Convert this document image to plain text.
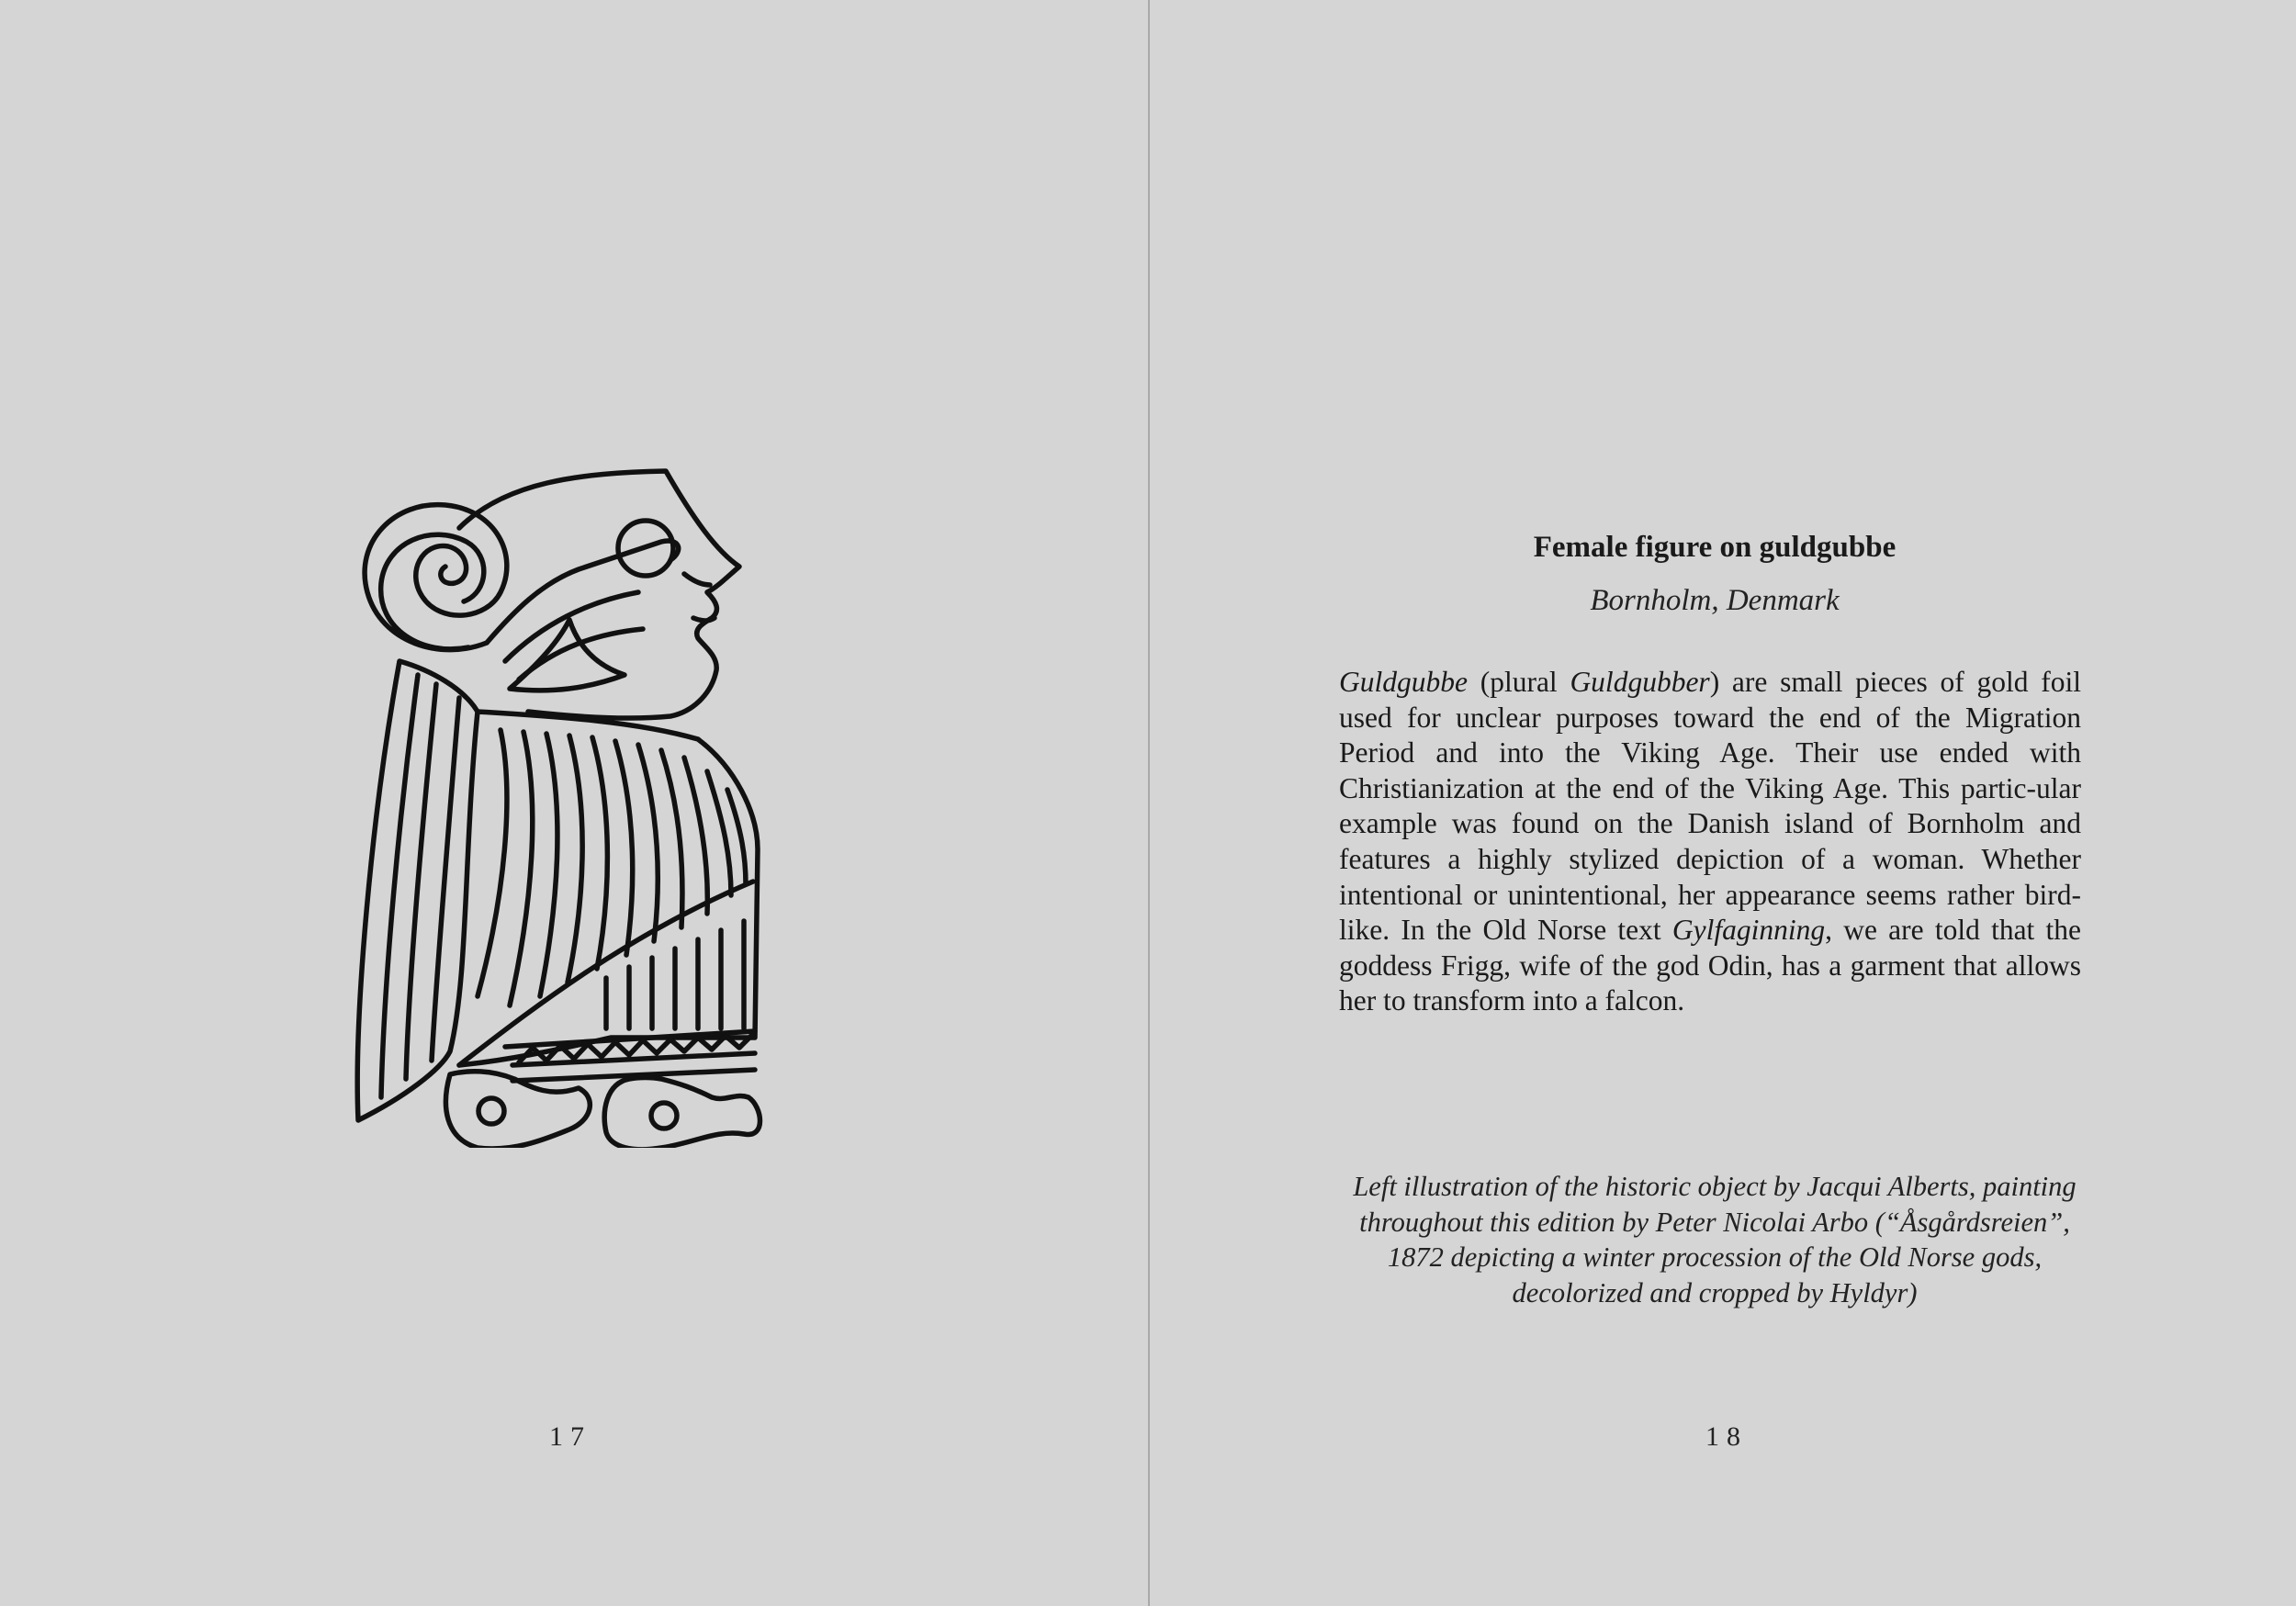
17
Female figure on guldgubbe
Bornholm, Denmark

Guldgubbe (plural Guldgubber) are small pieces of gold foil used for unclear purposes toward the end of the Migration Period and into the Viking Age. Their use ended with Christianization at the end of the Viking Age. This partic-ular example was found on the Danish island of Bornholm and features a highly stylized depiction of a woman. Whether intentional or unintentional, her appearance seems rather bird-like. In the Old Norse text Gylfaginning, we are told that the goddess Frigg, wife of the god Odin, has a garment that allows her to transform into a falcon.

Left illustration of the historic object by Jacqui Alberts, painting throughout this edition by Peter Nicolai Arbo (“Åsgårdsreien”, 1872 depicting a winter procession of the Old Norse gods, decolorized and cropped by Hyldyr)

18
